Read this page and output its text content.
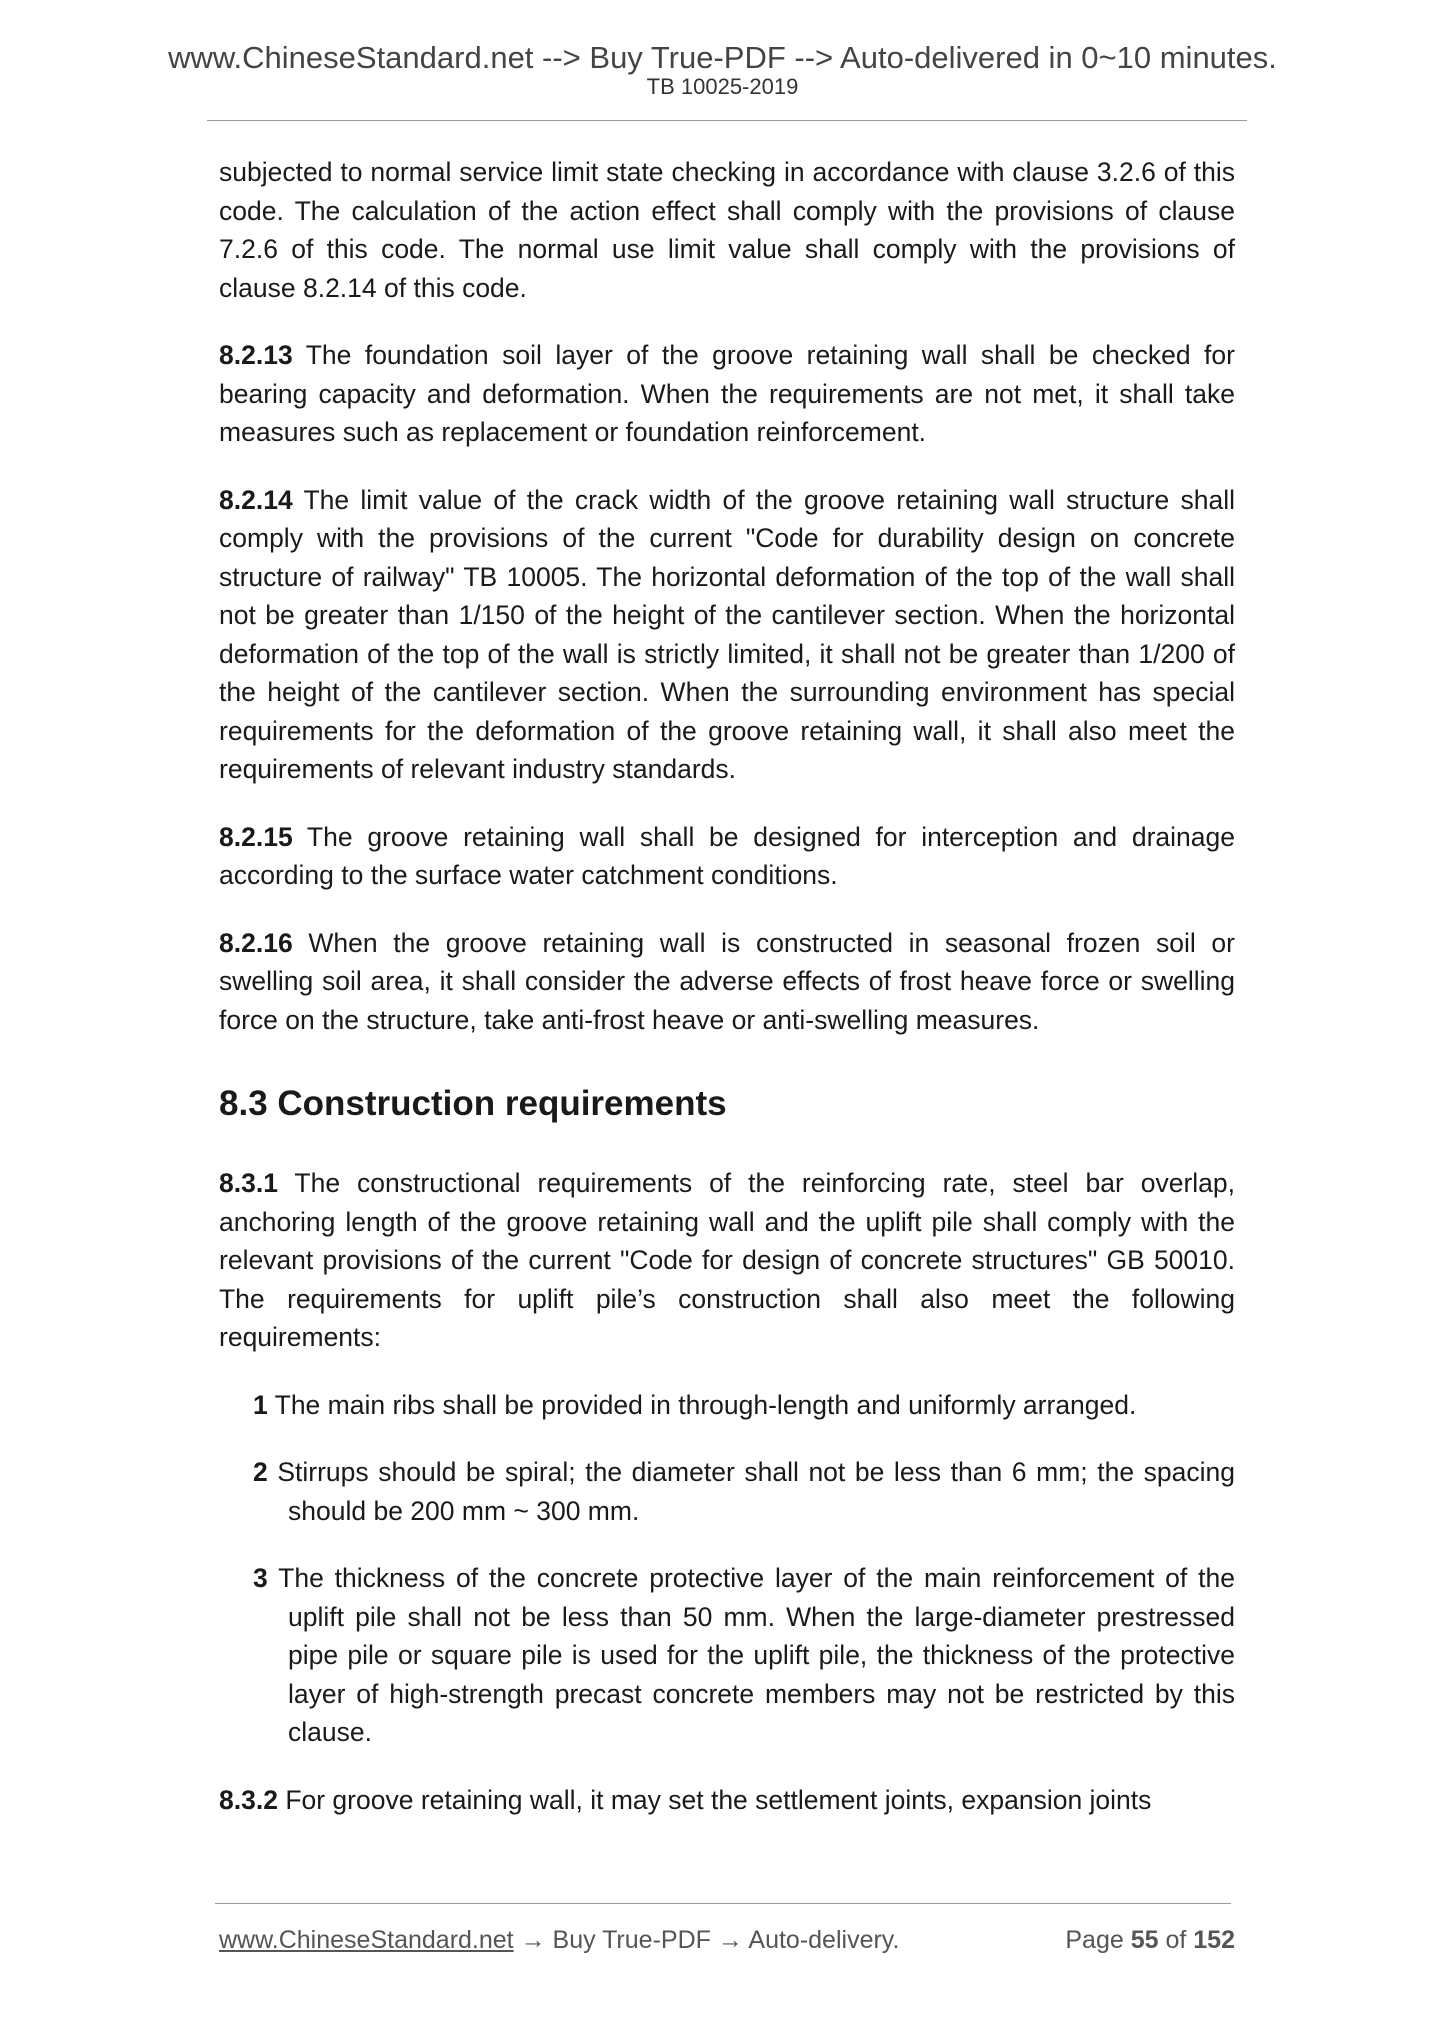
www.ChineseStandard.net --> Buy True-PDF --> Auto-delivered in 0~10 minutes.
TB 10025-2019

subjected to normal service limit state checking in accordance with clause 3.2.6 of this code. The calculation of the action effect shall comply with the provisions of clause 7.2.6 of this code. The normal use limit value shall comply with the provisions of clause 8.2.14 of this code.

8.2.13 The foundation soil layer of the groove retaining wall shall be checked for bearing capacity and deformation. When the requirements are not met, it shall take measures such as replacement or foundation reinforcement.

8.2.14 The limit value of the crack width of the groove retaining wall structure shall comply with the provisions of the current "Code for durability design on concrete structure of railway" TB 10005. The horizontal deformation of the top of the wall shall not be greater than 1/150 of the height of the cantilever section. When the horizontal deformation of the top of the wall is strictly limited, it shall not be greater than 1/200 of the height of the cantilever section. When the surrounding environment has special requirements for the deformation of the groove retaining wall, it shall also meet the requirements of relevant industry standards.

8.2.15 The groove retaining wall shall be designed for interception and drainage according to the surface water catchment conditions.

8.2.16 When the groove retaining wall is constructed in seasonal frozen soil or swelling soil area, it shall consider the adverse effects of frost heave force or swelling force on the structure, take anti-frost heave or anti-swelling measures.

8.3 Construction requirements

8.3.1 The constructional requirements of the reinforcing rate, steel bar overlap, anchoring length of the groove retaining wall and the uplift pile shall comply with the relevant provisions of the current "Code for design of concrete structures" GB 50010. The requirements for uplift pile’s construction shall also meet the following requirements:

1 The main ribs shall be provided in through-length and uniformly arranged.

2 Stirrups should be spiral; the diameter shall not be less than 6 mm; the spacing should be 200 mm ~ 300 mm.

3 The thickness of the concrete protective layer of the main reinforcement of the uplift pile shall not be less than 50 mm. When the large-diameter prestressed pipe pile or square pile is used for the uplift pile, the thickness of the protective layer of high-strength precast concrete members may not be restricted by this clause.

8.3.2 For groove retaining wall, it may set the settlement joints, expansion joints

www.ChineseStandard.net → Buy True-PDF → Auto-delivery.	Page 55 of 152
